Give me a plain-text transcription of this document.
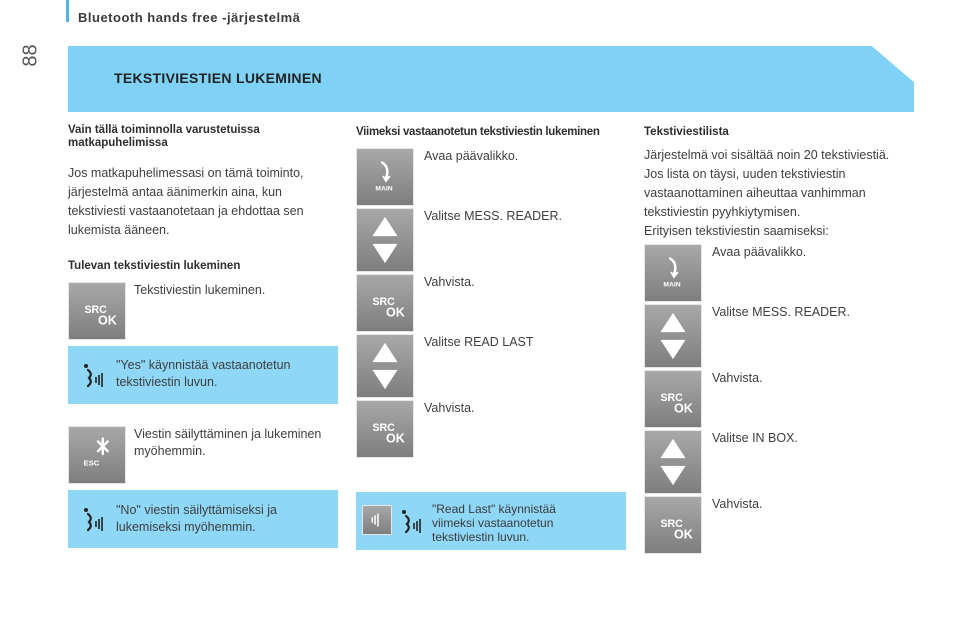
88
Bluetooth hands free -järjestelmä
TEKSTIVIESTIEN LUKEMINEN
Vain tällä toiminnolla varustetuissa matkapuhelimissa
Jos matkapuhelimessasi on tämä toiminto,
järjestelmä antaa äänimerkin aina, kun
tekstiviesti vastaanotetaan ja ehdottaa sen
lukemista ääneen.
Tulevan tekstiviestin lukeminen
SRC
OK
Tekstiviestin lukeminen.
"Yes" käynnistää vastaanotetun
tekstiviestin luvun.
ESC
Viestin säilyttäminen ja lukeminen
myöhemmin.
"No" viestin säilyttämiseksi ja
lukemiseksi myöhemmin.
Viimeksi vastaanotetun tekstiviestin lukeminen
MAIN
Avaa päävalikko.
Valitse MESS. READER.
SRC
OK
Vahvista.
Valitse READ LAST
SRC
OK
Vahvista.
"Read Last" käynnistää
viimeksi vastaanotetun
tekstiviestin luvun.
Tekstiviestilista
Järjestelmä voi sisältää noin 20 tekstiviestiä.
Jos lista on täysi, uuden tekstiviestin
vastaanottaminen aiheuttaa vanhimman
tekstiviestin pyyhkiytymisen.
Erityisen tekstiviestin saamiseksi:
MAIN
Avaa päävalikko.
Valitse MESS. READER.
SRC
OK
Vahvista.
Valitse IN BOX.
SRC
OK
Vahvista.
